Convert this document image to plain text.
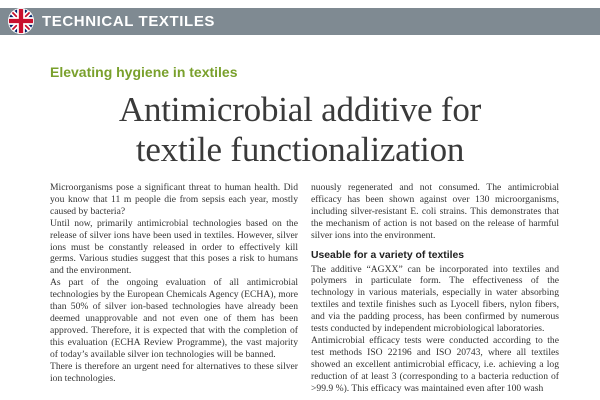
TECHNICAL TEXTILES
Elevating hygiene in textiles
Antimicrobial additive for
textile functionalization

Microorganisms pose a significant threat to human health. Did you know that 11 m people die from sepsis each year, mostly caused by bacteria?

Until now, primarily antimicrobial technologies based on the release of silver ions have been used in textiles. However, silver ions must be constantly released in order to effectively kill germs. Various studies suggest that this poses a risk to humans and the environment.

As part of the ongoing evaluation of all antimicrobial technologies by the European Chemicals Agency (ECHA), more than 50% of silver ion-based technologies have already been deemed unapprovable and not even one of them has been approved. Therefore, it is expected that with the completion of this evaluation (ECHA Review Programme), the vast majority of today’s available silver ion technologies will be banned.

There is therefore an urgent need for alternatives to these silver ion technologies.

nuously regenerated and not consumed. The antimicrobial efficacy has been shown against over 130 microorganisms, including silver-resistant E. coli strains. This demonstrates that the mechanism of action is not based on the release of harmful silver ions into the environment.

Useable for a variety of textiles

The additive “AGXX” can be incorporated into textiles and polymers in particulate form. The effectiveness of the technology in various materials, especially in water absorbing textiles and textile finishes such as Lyocell fibers, nylon fibers, and via the padding process, has been confirmed by numerous tests conducted by independent microbiological laboratories.

Antimicrobial efficacy tests were conducted according to the test methods ISO 22196 and ISO 20743, where all textiles showed an excellent antimicrobial efficacy, i.e. achieving a log reduction of at least 3 (corresponding to a bacteria reduction of >99.9 %). This efficacy was maintained even after 100 wash
